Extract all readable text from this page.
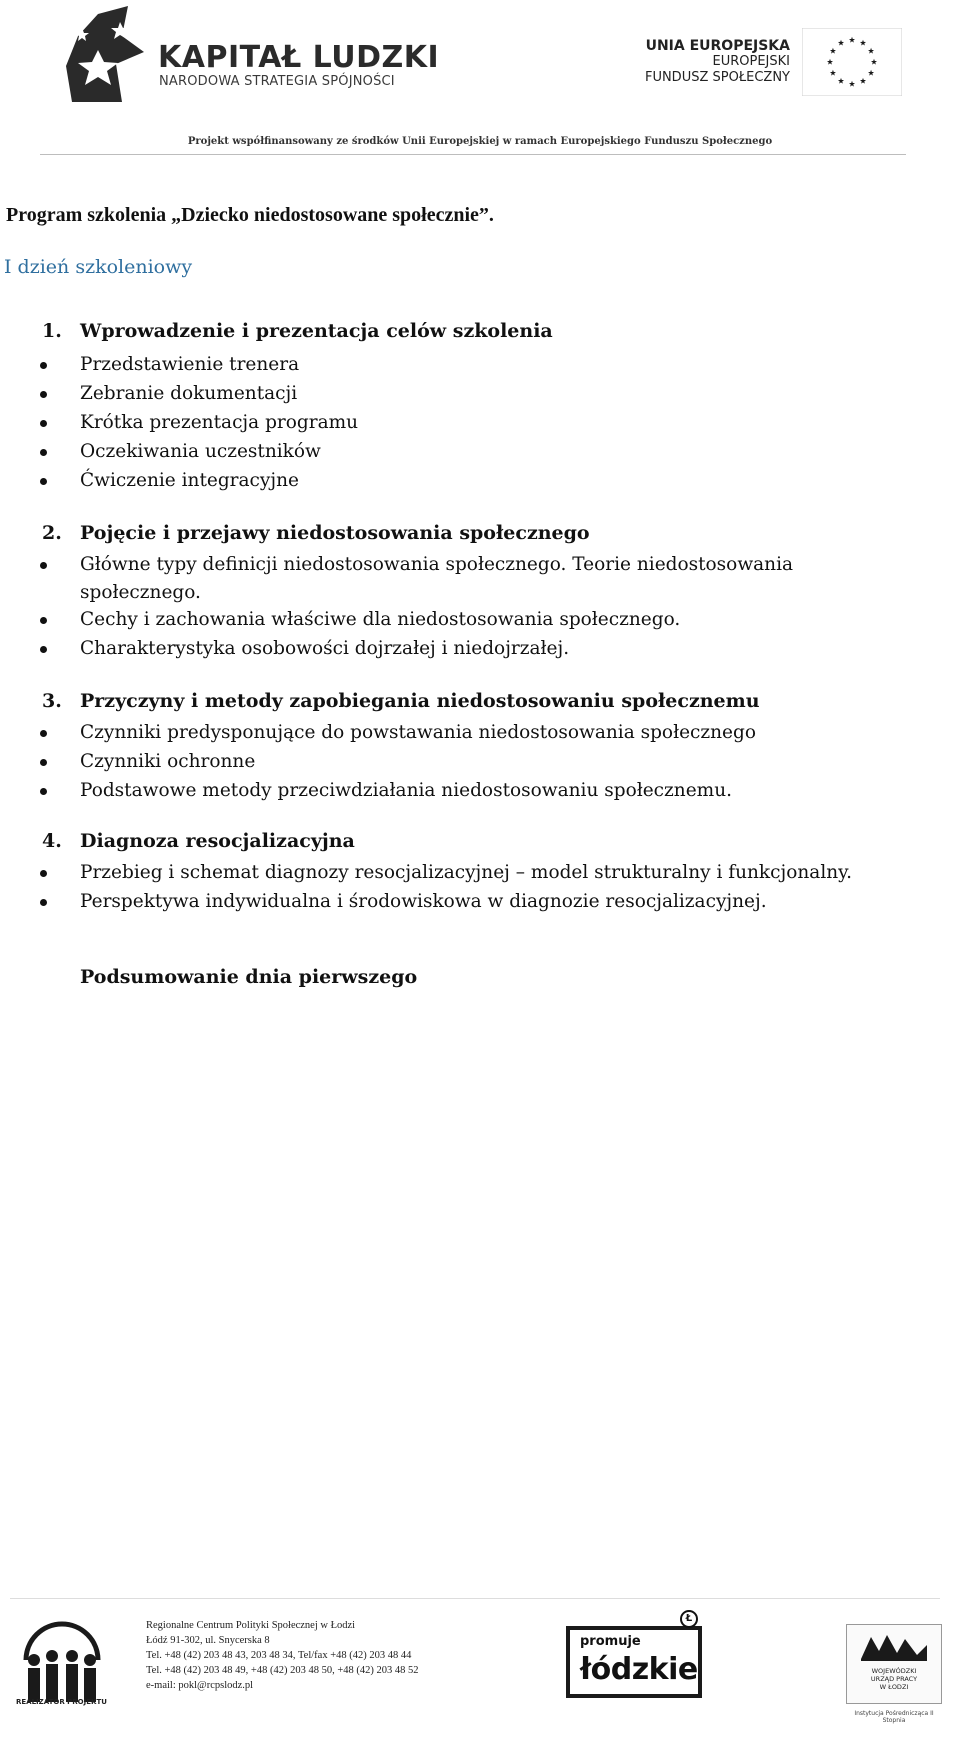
KAPITAŁ LUDZKI
NARODOWA STRATEGIA SPÓJNOŚCI
UNIA EUROPEJSKA
EUROPEJSKI
FUNDUSZ SPOŁECZNY
Projekt współfinansowany ze środków Unii Europejskiej w ramach Europejskiego Funduszu Społecznego
Program szkolenia „Dziecko niedostosowane społecznie”.
I dzień szkoleniowy
1. Wprowadzenie i prezentacja celów szkolenia
Przedstawienie trenera
Zebranie dokumentacji
Krótka prezentacja programu
Oczekiwania uczestników
Ćwiczenie integracyjne
2. Pojęcie i przejawy niedostosowania społecznego
Główne typy definicji niedostosowania społecznego. Teorie niedostosowania społecznego.
Cechy i zachowania właściwe dla niedostosowania społecznego.
Charakterystyka osobowości dojrzałej i niedojrzałej.
3. Przyczyny i metody zapobiegania niedostosowaniu społecznemu
Czynniki predysponujące do powstawania niedostosowania społecznego
Czynniki ochronne
Podstawowe metody przeciwdziałania niedostosowaniu społecznemu.
4. Diagnoza resocjalizacyjna
Przebieg i schemat diagnozy resocjalizacyjnej – model strukturalny i funkcjonalny.
Perspektywa indywidualna i środowiskowa w diagnozie resocjalizacyjnej.
Podsumowanie dnia pierwszego
REALIZATOR PROJEKTU
Regionalne Centrum Polityki Społecznej w Łodzi
Łódź 91-302, ul. Snycerska 8
Tel. +48 (42) 203 48 43, 203 48 34, Tel/fax +48 (42) 203 48 44
Tel. +48 (42) 203 48 49, +48 (42) 203 48 50, +48 (42) 203 48 52
e-mail: pokl@rcpslodz.pl
promuje
łódzkie
Ł
WOJEWÓDZKI
URZĄD PRACY
W ŁODZI
Instytucja Pośrednicząca II Stopnia
